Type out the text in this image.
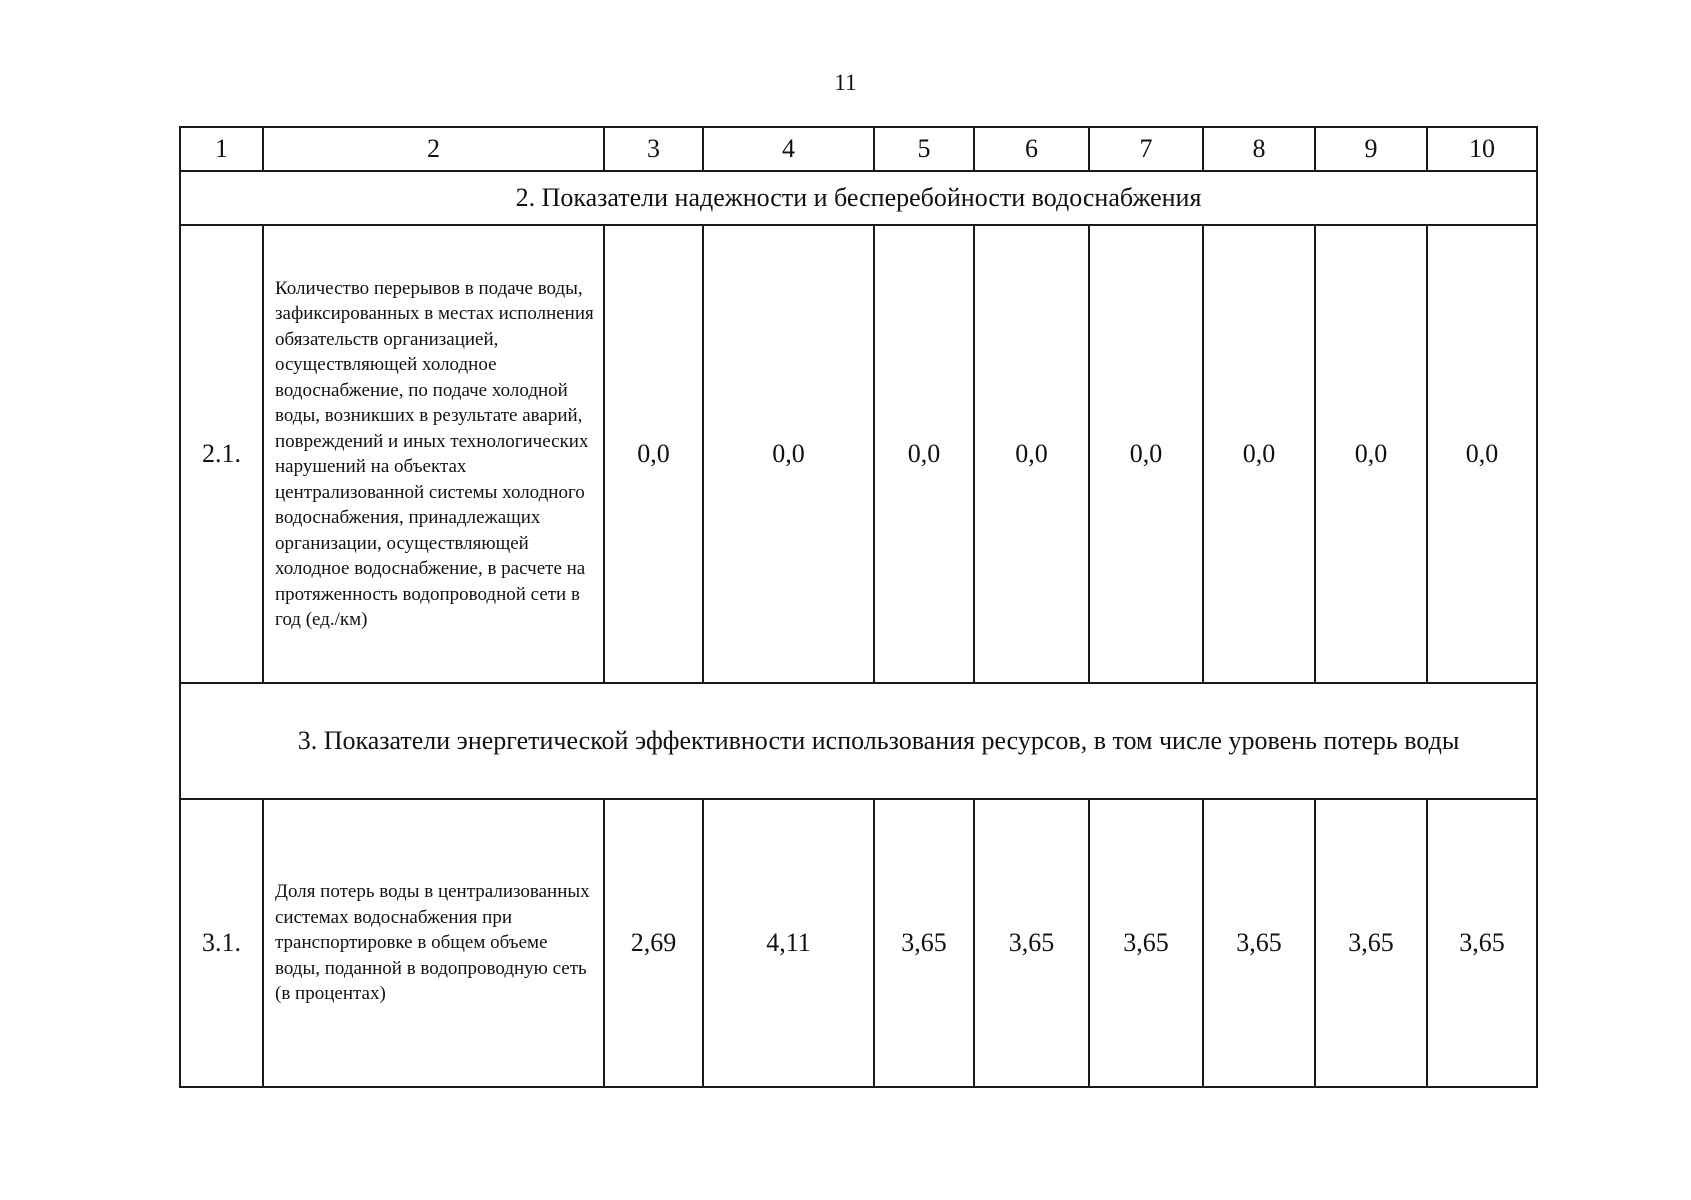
11
1	2	3	4	5	6	7	8	9	10
2. Показатели надежности и бесперебойности водоснабжения									
2.1.	Количество перерывов в подаче воды, зафиксированных в местах исполнения обязательств организацией, осуществляющей холодное водоснабжение, по подаче холодной воды, возникших в результате аварий, повреждений и иных технологических нарушений на объектах централизованной системы холодного водоснабжения, принадлежащих организации, осуществляющей холодное водоснабжение, в расчете на протяженность водопроводной сети в год (ед./км)	0,0	0,0	0,0	0,0	0,0	0,0	0,0	0,0
3. Показатели энергетической эффективности использования ресурсов, в том числе уровень потерь воды									
3.1.	Доля потерь воды в централизованных системах водоснабжения при транспортировке в общем объеме воды, поданной в водопроводную сеть (в процентах)	2,69	4,11	3,65	3,65	3,65	3,65	3,65	3,65
